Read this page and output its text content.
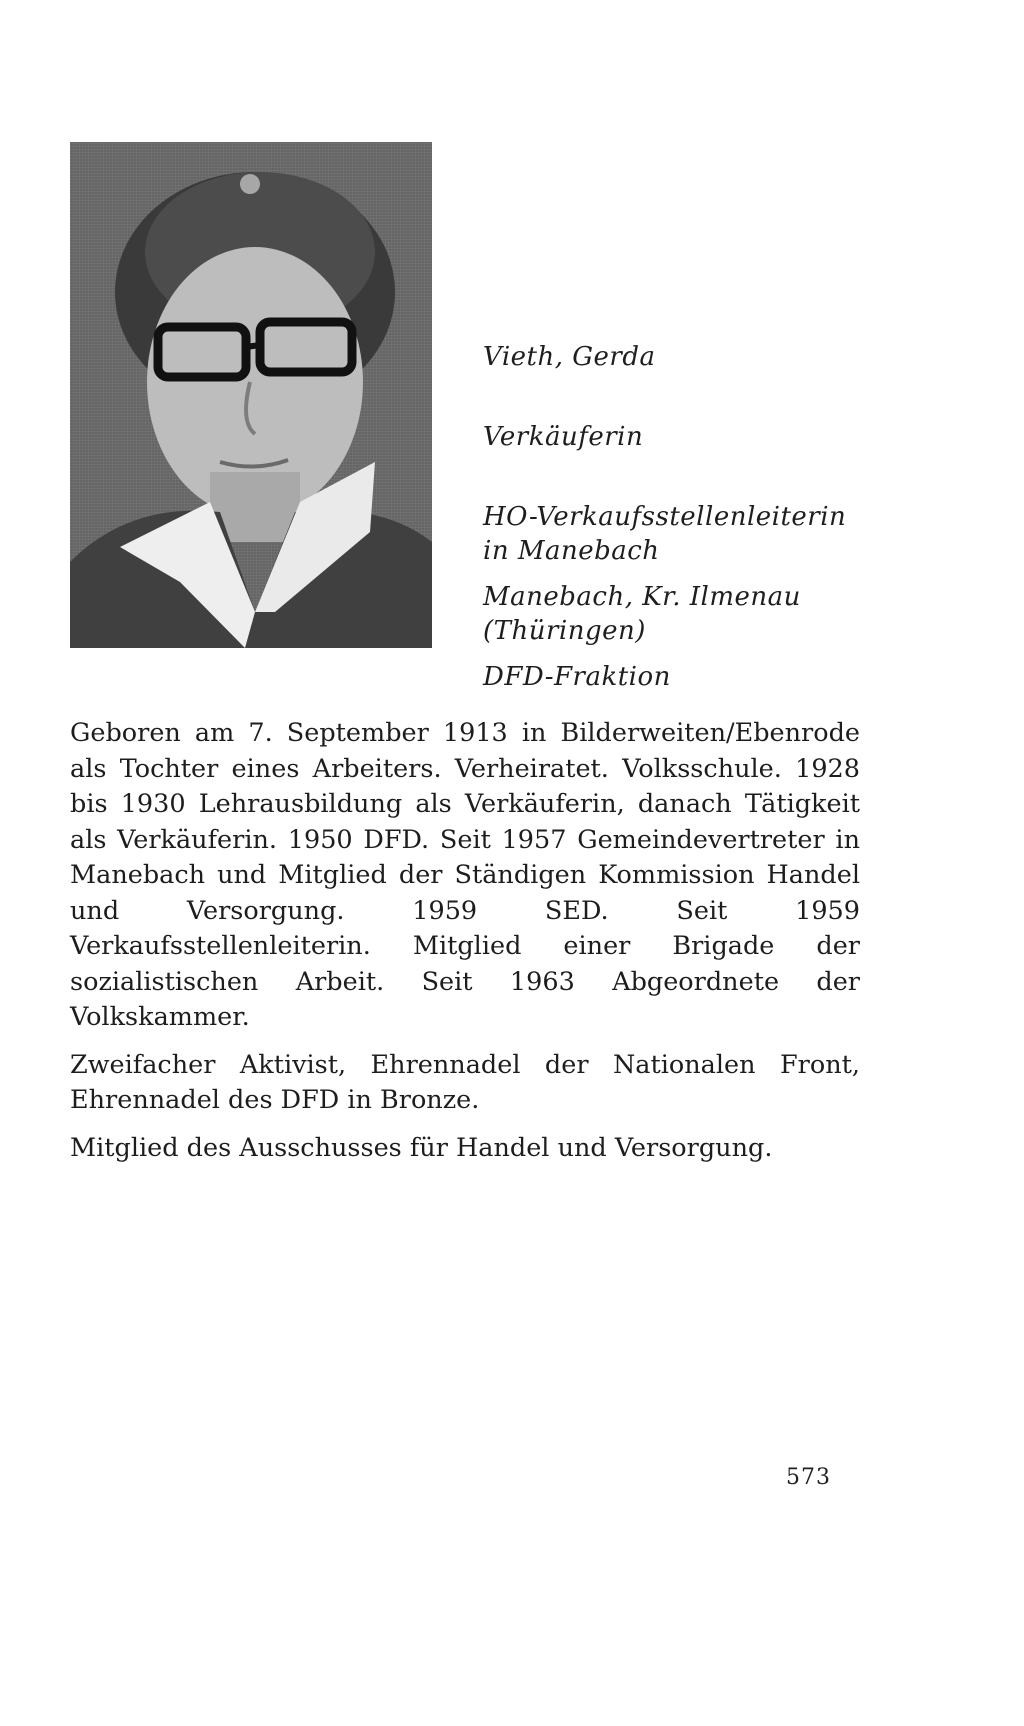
Vieth, Gerda
Verkäuferin
HO-Verkaufsstellenleiterin
in Manebach
Manebach, Kr. Ilmenau
(Thüringen)
DFD-Fraktion

Geboren am 7. September 1913 in Bilderweiten/Ebenrode als Tochter eines Arbeiters. Verheiratet. Volksschule. 1928 bis 1930 Lehrausbildung als Verkäuferin, danach Tätigkeit als Verkäuferin. 1950 DFD. Seit 1957 Gemeindevertreter in Manebach und Mitglied der Ständigen Kommission Handel und Versorgung. 1959 SED. Seit 1959 Verkaufsstellenleiterin. Mitglied einer Brigade der sozialistischen Arbeit. Seit 1963 Abgeordnete der Volkskammer.

Zweifacher Aktivist, Ehrennadel der Nationalen Front, Ehrennadel des DFD in Bronze.

Mitglied des Ausschusses für Handel und Versorgung.

573
